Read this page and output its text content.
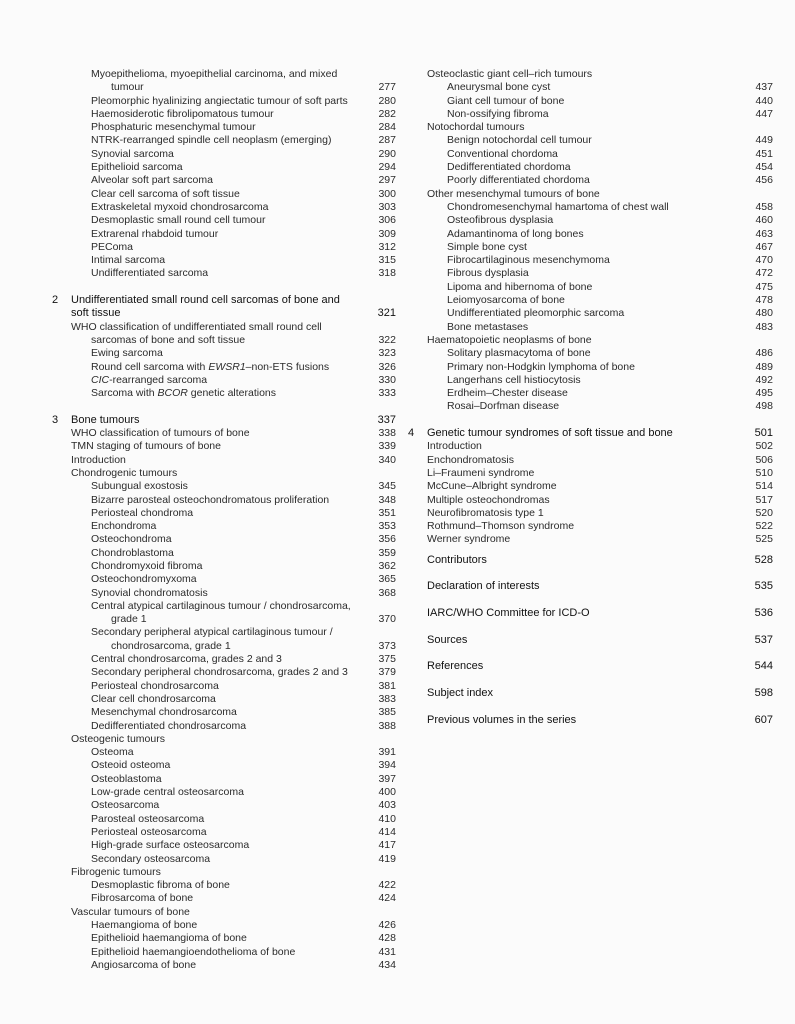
Myoepithelioma, myoepithelial carcinoma, and mixed
tumour	277
Pleomorphic hyalinizing angiectatic tumour of soft parts	280
Haemosiderotic fibrolipomatous tumour	282
Phosphaturic mesenchymal tumour	284
NTRK-rearranged spindle cell neoplasm (emerging)	287
Synovial sarcoma	290
Epithelioid sarcoma	294
Alveolar soft part sarcoma	297
Clear cell sarcoma of soft tissue	300
Extraskeletal myxoid chondrosarcoma	303
Desmoplastic small round cell tumour	306
Extrarenal rhabdoid tumour	309
PEComa	312
Intimal sarcoma	315
Undifferentiated sarcoma	318
2 Undifferentiated small round cell sarcomas of bone and
soft tissue	321
WHO classification of undifferentiated small round cell
sarcomas of bone and soft tissue	322
Ewing sarcoma	323
Round cell sarcoma with EWSR1–non-ETS fusions	326
CIC-rearranged sarcoma	330
Sarcoma with BCOR genetic alterations	333
3 Bone tumours	337
WHO classification of tumours of bone	338
TMN staging of tumours of bone	339
Introduction	340
Chondrogenic tumours
Subungual exostosis	345
Bizarre parosteal osteochondromatous proliferation	348
Periosteal chondroma	351
Enchondroma	353
Osteochondroma	356
Chondroblastoma	359
Chondromyxoid fibroma	362
Osteochondromyxoma	365
Synovial chondromatosis	368
Central atypical cartilaginous tumour / chondrosarcoma,
grade 1	370
Secondary peripheral atypical cartilaginous tumour /
chondrosarcoma, grade 1	373
Central chondrosarcoma, grades 2 and 3	375
Secondary peripheral chondrosarcoma, grades 2 and 3	379
Periosteal chondrosarcoma	381
Clear cell chondrosarcoma	383
Mesenchymal chondrosarcoma	385
Dedifferentiated chondrosarcoma	388
Osteogenic tumours
Osteoma	391
Osteoid osteoma	394
Osteoblastoma	397
Low-grade central osteosarcoma	400
Osteosarcoma	403
Parosteal osteosarcoma	410
Periosteal osteosarcoma	414
High-grade surface osteosarcoma	417
Secondary osteosarcoma	419
Fibrogenic tumours
Desmoplastic fibroma of bone	422
Fibrosarcoma of bone	424
Vascular tumours of bone
Haemangioma of bone	426
Epithelioid haemangioma of bone	428
Epithelioid haemangioendothelioma of bone	431
Angiosarcoma of bone	434
Osteoclastic giant cell–rich tumours
Aneurysmal bone cyst	437
Giant cell tumour of bone	440
Non-ossifying fibroma	447
Notochordal tumours
Benign notochordal cell tumour	449
Conventional chordoma	451
Dedifferentiated chordoma	454
Poorly differentiated chordoma	456
Other mesenchymal tumours of bone
Chondromesenchymal hamartoma of chest wall	458
Osteofibrous dysplasia	460
Adamantinoma of long bones	463
Simple bone cyst	467
Fibrocartilaginous mesenchymoma	470
Fibrous dysplasia	472
Lipoma and hibernoma of bone	475
Leiomyosarcoma of bone	478
Undifferentiated pleomorphic sarcoma	480
Bone metastases	483
Haematopoietic neoplasms of bone
Solitary plasmacytoma of bone	486
Primary non-Hodgkin lymphoma of bone	489
Langerhans cell histiocytosis	492
Erdheim–Chester disease	495
Rosai–Dorfman disease	498
4 Genetic tumour syndromes of soft tissue and bone	501
Introduction	502
Enchondromatosis	506
Li–Fraumeni syndrome	510
McCune–Albright syndrome	514
Multiple osteochondromas	517
Neurofibromatosis type 1	520
Rothmund–Thomson syndrome	522
Werner syndrome	525
Contributors	528
Declaration of interests	535
IARC/WHO Committee for ICD-O	536
Sources	537
References	544
Subject index	598
Previous volumes in the series	607
